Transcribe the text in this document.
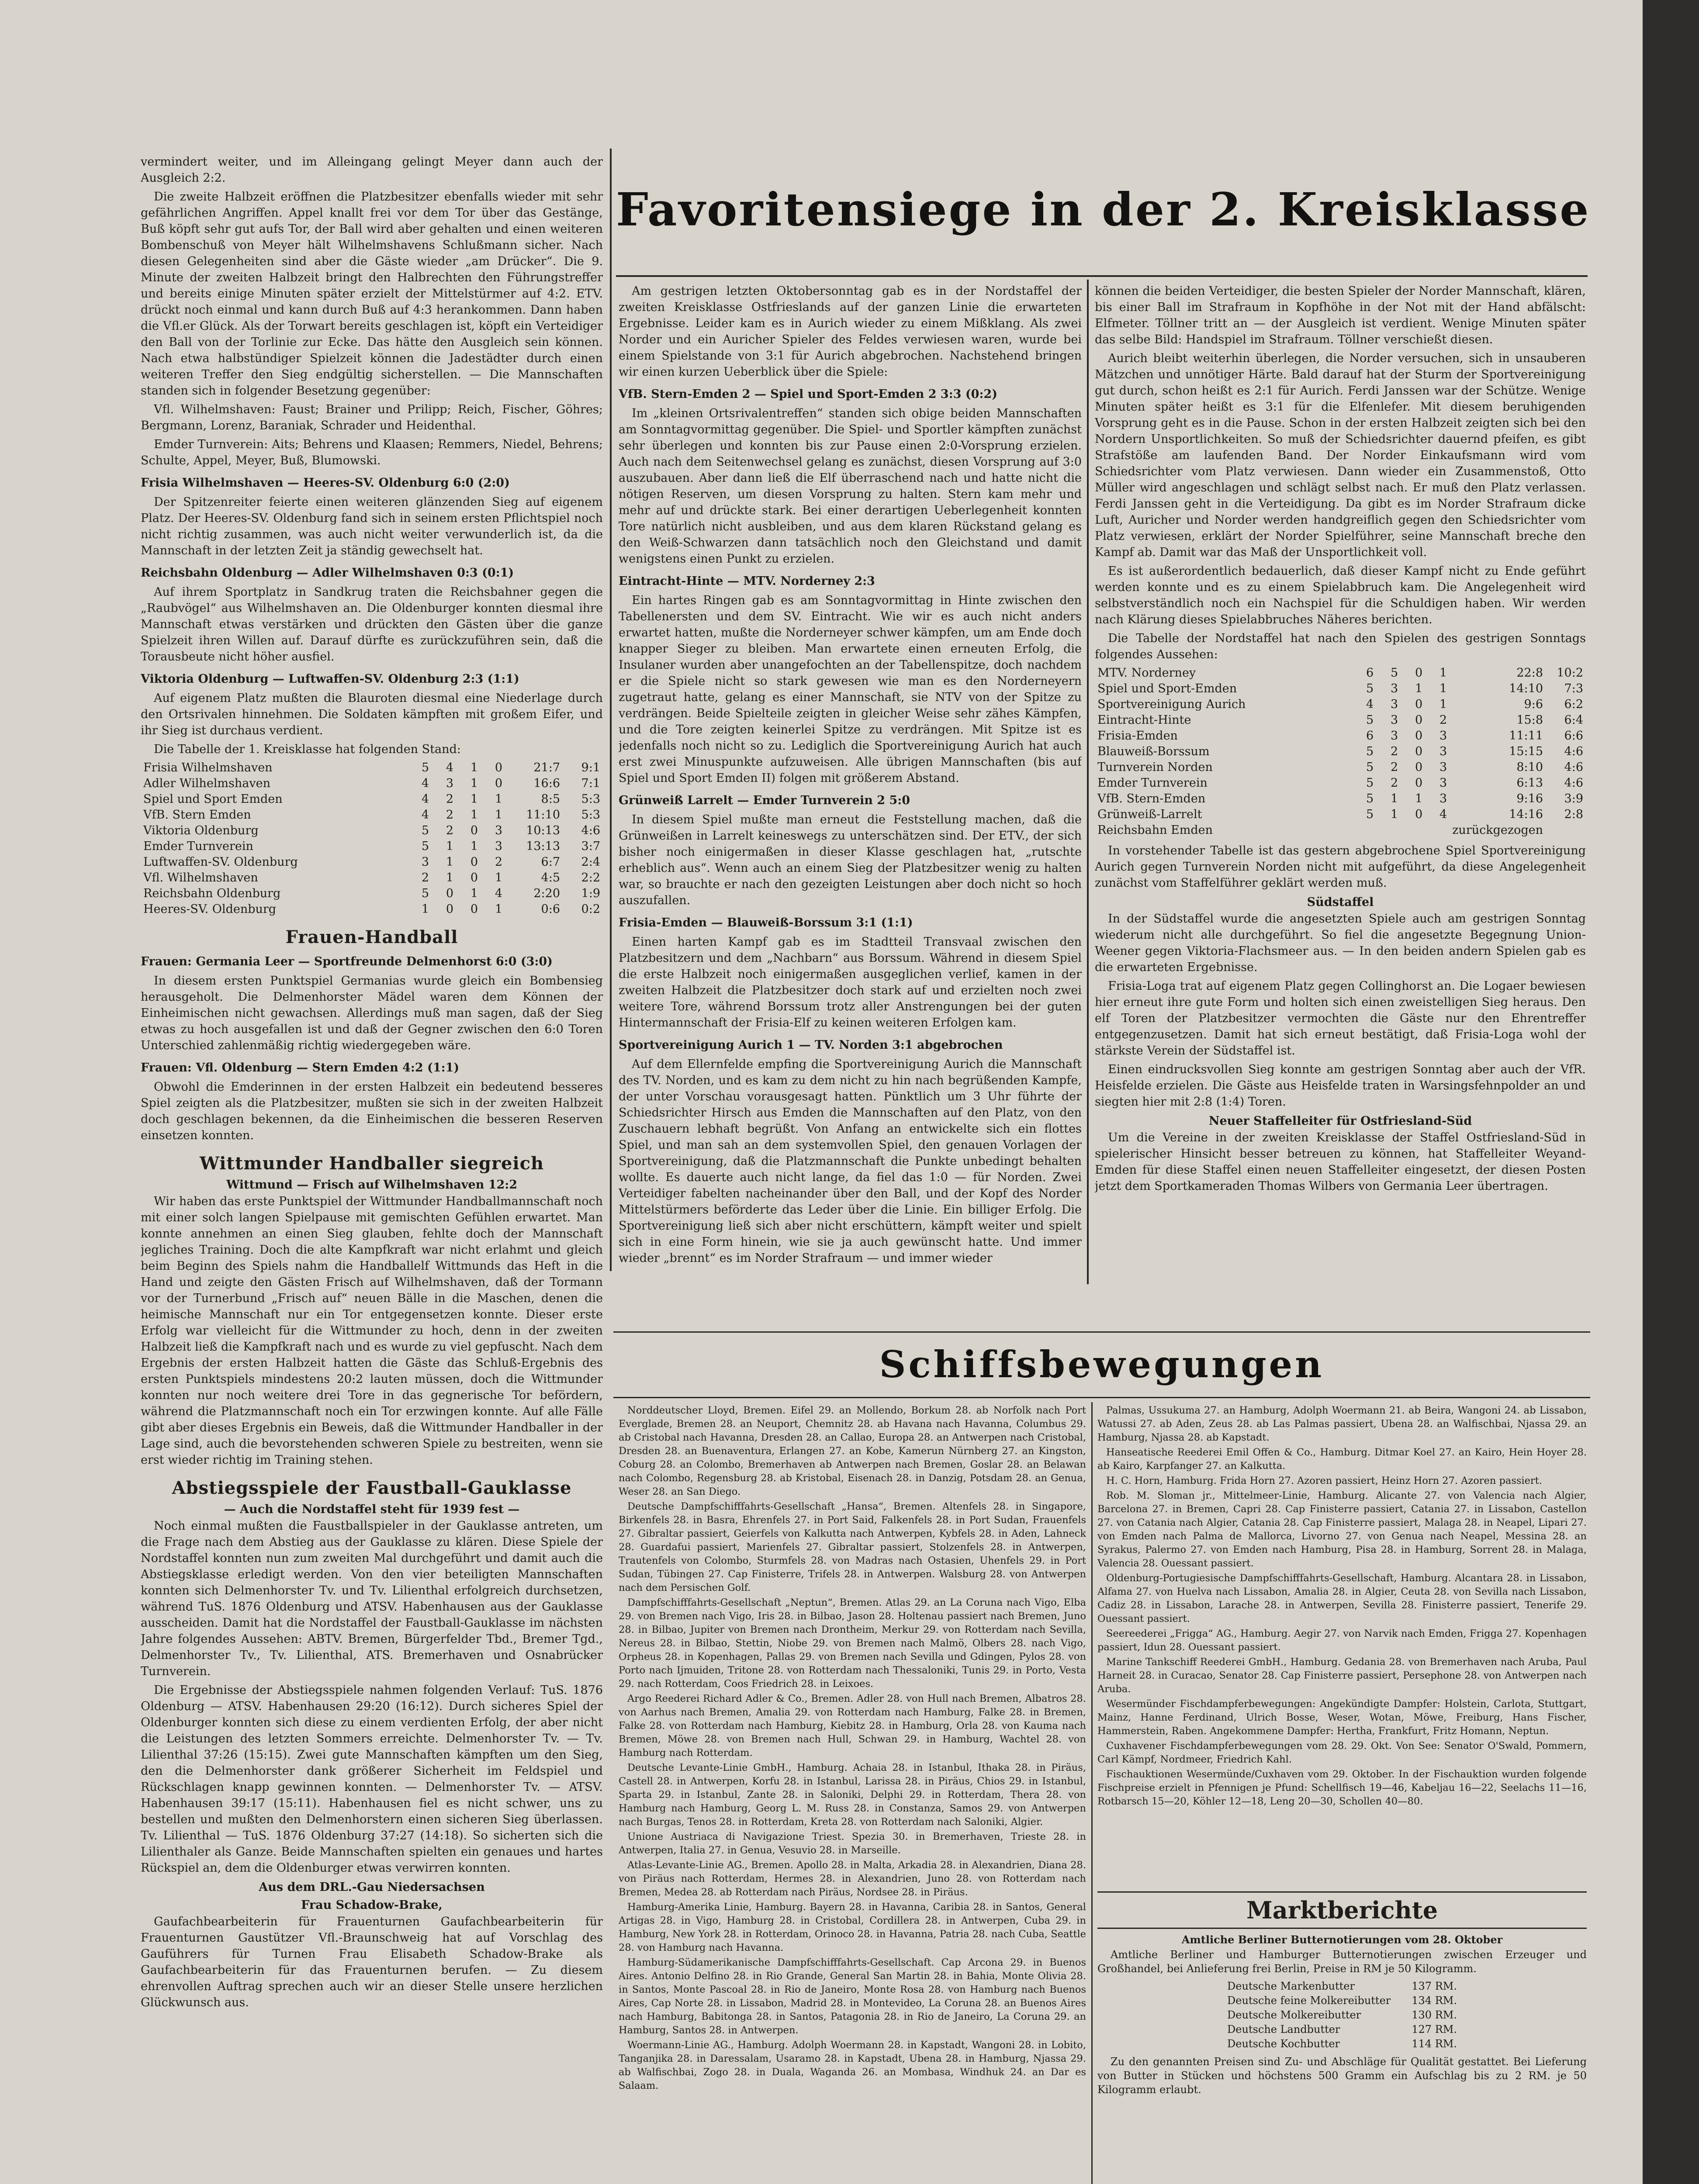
vermindert weiter, und im Alleingang gelingt Meyer dann auch der Ausgleich 2:2.

Die zweite Halbzeit eröffnen die Platzbesitzer ebenfalls wieder mit sehr gefährlichen Angriffen. Appel knallt frei vor dem Tor über das Gestänge, Buß köpft sehr gut aufs Tor, der Ball wird aber gehalten und einen weiteren Bombenschuß von Meyer hält Wilhelmshavens Schlußmann sicher. Nach diesen Gelegenheiten sind aber die Gäste wieder „am Drücker“. Die 9. Minute der zweiten Halbzeit bringt den Halbrechten den Führungstreffer und bereits einige Minuten später erzielt der Mittelstürmer auf 4:2. ETV. drückt noch einmal und kann durch Buß auf 4:3 herankommen. Dann haben die Vfl.er Glück. Als der Torwart bereits geschlagen ist, köpft ein Verteidiger den Ball von der Torlinie zur Ecke. Das hätte den Ausgleich sein können. Nach etwa halbstündiger Spielzeit können die Jadestädter durch einen weiteren Treffer den Sieg endgültig sicherstellen. — Die Mannschaften standen sich in folgender Besetzung gegenüber:

Vfl. Wilhelmshaven: Faust; Brainer und Prilipp; Reich, Fischer, Göhres; Bergmann, Lorenz, Baraniak, Schrader und Heidenthal.

Emder Turnverein: Aits; Behrens und Klaasen; Remmers, Niedel, Behrens; Schulte, Appel, Meyer, Buß, Blumowski.

Frisia Wilhelmshaven — Heeres-SV. Oldenburg 6:0 (2:0)

Der Spitzenreiter feierte einen weiteren glänzenden Sieg auf eigenem Platz. Der Heeres-SV. Oldenburg fand sich in seinem ersten Pflichtspiel noch nicht richtig zusammen, was auch nicht weiter verwunderlich ist, da die Mannschaft in der letzten Zeit ja ständig gewechselt hat.

Reichsbahn Oldenburg — Adler Wilhelmshaven 0:3 (0:1)

Auf ihrem Sportplatz in Sandkrug traten die Reichsbahner gegen die „Raubvögel“ aus Wilhelmshaven an. Die Oldenburger konnten diesmal ihre Mannschaft etwas verstärken und drückten den Gästen über die ganze Spielzeit ihren Willen auf. Darauf dürfte es zurückzuführen sein, daß die Torausbeute nicht höher ausfiel.

Viktoria Oldenburg — Luftwaffen-SV. Oldenburg 2:3 (1:1)

Auf eigenem Platz mußten die Blauroten diesmal eine Niederlage durch den Ortsrivalen hinnehmen. Die Soldaten kämpften mit großem Eifer, und ihr Sieg ist durchaus verdient.

Die Tabelle der 1. Kreisklasse hat folgenden Stand:

Frisia Wilhelmshaven	5	4	1	0	21:7	9:1
Adler Wilhelmshaven	4	3	1	0	16:6	7:1
Spiel und Sport Emden	4	2	1	1	8:5	5:3
VfB. Stern Emden	4	2	1	1	11:10	5:3
Viktoria Oldenburg	5	2	0	3	10:13	4:6
Emder Turnverein	5	1	1	3	13:13	3:7
Luftwaffen-SV. Oldenburg	3	1	0	2	6:7	2:4
Vfl. Wilhelmshaven	2	1	0	1	4:5	2:2
Reichsbahn Oldenburg	5	0	1	4	2:20	1:9
Heeres-SV. Oldenburg	1	0	0	1	0:6	0:2
Frauen-Handball
Frauen: Germania Leer — Sportfreunde Delmenhorst 6:0 (3:0)

In diesem ersten Punktspiel Germanias wurde gleich ein Bombensieg herausgeholt. Die Delmenhorster Mädel waren dem Können der Einheimischen nicht gewachsen. Allerdings muß man sagen, daß der Sieg etwas zu hoch ausgefallen ist und daß der Gegner zwischen den 6:0 Toren Unterschied zahlenmäßig richtig wiedergegeben wäre.

Frauen: Vfl. Oldenburg — Stern Emden 4:2 (1:1)

Obwohl die Emderinnen in der ersten Halbzeit ein bedeutend besseres Spiel zeigten als die Platzbesitzer, mußten sie sich in der zweiten Halbzeit doch geschlagen bekennen, da die Einheimischen die besseren Reserven einsetzen konnten.

Wittmunder Handballer siegreich
Wittmund — Frisch auf Wilhelmshaven 12:2

Wir haben das erste Punktspiel der Wittmunder Handballmannschaft noch mit einer solch langen Spielpause mit gemischten Gefühlen erwartet. Man konnte annehmen an einen Sieg glauben, fehlte doch der Mannschaft jegliches Training. Doch die alte Kampfkraft war nicht erlahmt und gleich beim Beginn des Spiels nahm die Handballelf Wittmunds das Heft in die Hand und zeigte den Gästen Frisch auf Wilhelmshaven, daß der Tormann vor der Turnerbund „Frisch auf“ neuen Bälle in die Maschen, denen die heimische Mannschaft nur ein Tor entgegensetzen konnte. Dieser erste Erfolg war vielleicht für die Wittmunder zu hoch, denn in der zweiten Halbzeit ließ die Kampfkraft nach und es wurde zu viel gepfuscht. Nach dem Ergebnis der ersten Halbzeit hatten die Gäste das Schluß-Ergebnis des ersten Punktspiels mindestens 20:2 lauten müssen, doch die Wittmunder konnten nur noch weitere drei Tore in das gegnerische Tor befördern, während die Platzmannschaft noch ein Tor erzwingen konnte. Auf alle Fälle gibt aber dieses Ergebnis ein Beweis, daß die Wittmunder Handballer in der Lage sind, auch die bevorstehenden schweren Spiele zu bestreiten, wenn sie erst wieder richtig im Training stehen.

Abstiegsspiele der Faustball-Gauklasse
— Auch die Nordstaffel steht für 1939 fest —

Noch einmal mußten die Faustballspieler in der Gauklasse antreten, um die Frage nach dem Abstieg aus der Gauklasse zu klären. Diese Spiele der Nordstaffel konnten nun zum zweiten Mal durchgeführt und damit auch die Abstiegsklasse erledigt werden. Von den vier beteiligten Mannschaften konnten sich Delmenhorster Tv. und Tv. Lilienthal erfolgreich durchsetzen, während TuS. 1876 Oldenburg und ATSV. Habenhausen aus der Gauklasse ausscheiden. Damit hat die Nordstaffel der Faustball-Gauklasse im nächsten Jahre folgendes Aussehen: ABTV. Bremen, Bürgerfelder Tbd., Bremer Tgd., Delmenhorster Tv., Tv. Lilienthal, ATS. Bremerhaven und Osnabrücker Turnverein.

Die Ergebnisse der Abstiegsspiele nahmen folgenden Verlauf: TuS. 1876 Oldenburg — ATSV. Habenhausen 29:20 (16:12). Durch sicheres Spiel der Oldenburger konnten sich diese zu einem verdienten Erfolg, der aber nicht die Leistungen des letzten Sommers erreichte. Delmenhorster Tv. — Tv. Lilienthal 37:26 (15:15). Zwei gute Mannschaften kämpften um den Sieg, den die Delmenhorster dank größerer Sicherheit im Feldspiel und Rückschlagen knapp gewinnen konnten. — Delmenhorster Tv. — ATSV. Habenhausen 39:17 (15:11). Habenhausen fiel es nicht schwer, uns zu bestellen und mußten den Delmenhorstern einen sicheren Sieg überlassen. Tv. Lilienthal — TuS. 1876 Oldenburg 37:27 (14:18). So sicherten sich die Lilienthaler als Ganze. Beide Mannschaften spielten ein genaues und hartes Rückspiel an, dem die Oldenburger etwas verwirren konnten.

Aus dem DRL.-Gau Niedersachsen
Frau Schadow-Brake,

Gaufachbearbeiterin für Frauenturnen Gaufachbearbeiterin für Frauenturnen Gaustützer Vfl.-Braunschweig hat auf Vorschlag des Gauführers für Turnen Frau Elisabeth Schadow-Brake als Gaufachbearbeiterin für das Frauenturnen berufen. — Zu diesem ehrenvollen Auftrag sprechen auch wir an dieser Stelle unsere herzlichen Glückwunsch aus.

Favoritensiege in der 2. Kreisklasse

Am gestrigen letzten Oktobersonntag gab es in der Nordstaffel der zweiten Kreisklasse Ostfrieslands auf der ganzen Linie die erwarteten Ergebnisse. Leider kam es in Aurich wieder zu einem Mißklang. Als zwei Norder und ein Auricher Spieler des Feldes verwiesen waren, wurde bei einem Spielstande von 3:1 für Aurich abgebrochen. Nachstehend bringen wir einen kurzen Ueberblick über die Spiele:

VfB. Stern-Emden 2 — Spiel und Sport-Emden 2 3:3 (0:2)

Im „kleinen Ortsrivalentreffen“ standen sich obige beiden Mannschaften am Sonntagvormittag gegenüber. Die Spiel- und Sportler kämpften zunächst sehr überlegen und konnten bis zur Pause einen 2:0-Vorsprung erzielen. Auch nach dem Seitenwechsel gelang es zunächst, diesen Vorsprung auf 3:0 auszubauen. Aber dann ließ die Elf überraschend nach und hatte nicht die nötigen Reserven, um diesen Vorsprung zu halten. Stern kam mehr und mehr auf und drückte stark. Bei einer derartigen Ueberlegenheit konnten Tore natürlich nicht ausbleiben, und aus dem klaren Rückstand gelang es den Weiß-Schwarzen dann tatsächlich noch den Gleichstand und damit wenigstens einen Punkt zu erzielen.

Eintracht-Hinte — MTV. Norderney 2:3

Ein hartes Ringen gab es am Sonntagvormittag in Hinte zwischen den Tabellenersten und dem SV. Eintracht. Wie wir es auch nicht anders erwartet hatten, mußte die Norderneyer schwer kämpfen, um am Ende doch knapper Sieger zu bleiben. Man erwartete einen erneuten Erfolg, die Insulaner wurden aber unangefochten an der Tabellenspitze, doch nachdem er die Spiele nicht so stark gewesen wie man es den Norderneyern zugetraut hatte, gelang es einer Mannschaft, sie NTV von der Spitze zu verdrängen. Beide Spielteile zeigten in gleicher Weise sehr zähes Kämpfen, und die Tore zeigten keinerlei Spitze zu verdrängen. Mit Spitze ist es jedenfalls noch nicht so zu. Lediglich die Sportvereinigung Aurich hat auch erst zwei Minuspunkte aufzuweisen. Alle übrigen Mannschaften (bis auf Spiel und Sport Emden II) folgen mit größerem Abstand.

Grünweiß Larrelt — Emder Turnverein 2 5:0

In diesem Spiel mußte man erneut die Feststellung machen, daß die Grünweißen in Larrelt keineswegs zu unterschätzen sind. Der ETV., der sich bisher noch einigermaßen in dieser Klasse geschlagen hat, „rutschte erheblich aus“. Wenn auch an einem Sieg der Platzbesitzer wenig zu halten war, so brauchte er nach den gezeigten Leistungen aber doch nicht so hoch auszufallen.

Frisia-Emden — Blauweiß-Borssum 3:1 (1:1)

Einen harten Kampf gab es im Stadtteil Transvaal zwischen den Platzbesitzern und dem „Nachbarn“ aus Borssum. Während in diesem Spiel die erste Halbzeit noch einigermaßen ausgeglichen verlief, kamen in der zweiten Halbzeit die Platzbesitzer doch stark auf und erzielten noch zwei weitere Tore, während Borssum trotz aller Anstrengungen bei der guten Hintermannschaft der Frisia-Elf zu keinen weiteren Erfolgen kam.

Sportvereinigung Aurich 1 — TV. Norden 3:1 abgebrochen

Auf dem Ellernfelde empfing die Sportvereinigung Aurich die Mannschaft des TV. Norden, und es kam zu dem nicht zu hin nach begrüßenden Kampfe, der unter Vorschau vorausgesagt hatten. Pünktlich um 3 Uhr führte der Schiedsrichter Hirsch aus Emden die Mannschaften auf den Platz, von den Zuschauern lebhaft begrüßt. Von Anfang an entwickelte sich ein flottes Spiel, und man sah an dem systemvollen Spiel, den genauen Vorlagen der Sportvereinigung, daß die Platzmannschaft die Punkte unbedingt behalten wollte. Es dauerte auch nicht lange, da fiel das 1:0 — für Norden. Zwei Verteidiger fabelten nacheinander über den Ball, und der Kopf des Norder Mittelstürmers beförderte das Leder über die Linie. Ein billiger Erfolg. Die Sportvereinigung ließ sich aber nicht erschüttern, kämpft weiter und spielt sich in eine Form hinein, wie sie ja auch gewünscht hatte. Und immer wieder „brennt“ es im Norder Strafraum — und immer wieder

können die beiden Verteidiger, die besten Spieler der Norder Mannschaft, klären, bis einer Ball im Strafraum in Kopfhöhe in der Not mit der Hand abfälscht: Elfmeter. Töllner tritt an — der Ausgleich ist verdient. Wenige Minuten später das selbe Bild: Handspiel im Strafraum. Töllner verschießt diesen.

Aurich bleibt weiterhin überlegen, die Norder versuchen, sich in unsauberen Mätzchen und unnötiger Härte. Bald darauf hat der Sturm der Sportvereinigung gut durch, schon heißt es 2:1 für Aurich. Ferdi Janssen war der Schütze. Wenige Minuten später heißt es 3:1 für die Elfenlefer. Mit diesem beruhigenden Vorsprung geht es in die Pause. Schon in der ersten Halbzeit zeigten sich bei den Nordern Unsportlichkeiten. So muß der Schiedsrichter dauernd pfeifen, es gibt Strafstöße am laufenden Band. Der Norder Einkaufsmann wird vom Schiedsrichter vom Platz verwiesen. Dann wieder ein Zusammenstoß, Otto Müller wird angeschlagen und schlägt selbst nach. Er muß den Platz verlassen. Ferdi Janssen geht in die Verteidigung. Da gibt es im Norder Strafraum dicke Luft, Auricher und Norder werden handgreiflich gegen den Schiedsrichter vom Platz verwiesen, erklärt der Norder Spielführer, seine Mannschaft breche den Kampf ab. Damit war das Maß der Unsportlichkeit voll.

Es ist außerordentlich bedauerlich, daß dieser Kampf nicht zu Ende geführt werden konnte und es zu einem Spielabbruch kam. Die Angelegenheit wird selbstverständlich noch ein Nachspiel für die Schuldigen haben. Wir werden nach Klärung dieses Spielabbruches Näheres berichten.

Die Tabelle der Nordstaffel hat nach den Spielen des gestrigen Sonntags folgendes Aussehen:

MTV. Norderney	6	5	0	1	22:8	10:2
Spiel und Sport-Emden	5	3	1	1	14:10	7:3
Sportvereinigung Aurich	4	3	0	1	9:6	6:2
Eintracht-Hinte	5	3	0	2	15:8	6:4
Frisia-Emden	6	3	0	3	11:11	6:6
Blauweiß-Borssum	5	2	0	3	15:15	4:6
Turnverein Norden	5	2	0	3	8:10	4:6
Emder Turnverein	5	2	0	3	6:13	4:6
VfB. Stern-Emden	5	1	1	3	9:16	3:9
Grünweiß-Larrelt	5	1	0	4	14:16	2:8
Reichsbahn Emden					zurückgezogen	

In vorstehender Tabelle ist das gestern abgebrochene Spiel Sportvereinigung Aurich gegen Turnverein Norden nicht mit aufgeführt, da diese Angelegenheit zunächst vom Staffelführer geklärt werden muß.

Südstaffel

In der Südstaffel wurde die angesetzten Spiele auch am gestrigen Sonntag wiederum nicht alle durchgeführt. So fiel die angesetzte Begegnung Union-Weener gegen Viktoria-Flachsmeer aus. — In den beiden andern Spielen gab es die erwarteten Ergebnisse.

Frisia-Loga trat auf eigenem Platz gegen Collinghorst an. Die Logaer bewiesen hier erneut ihre gute Form und holten sich einen zweistelligen Sieg heraus. Den elf Toren der Platzbesitzer vermochten die Gäste nur den Ehrentreffer entgegenzusetzen. Damit hat sich erneut bestätigt, daß Frisia-Loga wohl der stärkste Verein der Südstaffel ist.

Einen eindrucksvollen Sieg konnte am gestrigen Sonntag aber auch der VfR. Heisfelde erzielen. Die Gäste aus Heisfelde traten in Warsingsfehnpolder an und siegten hier mit 2:8 (1:4) Toren.

Neuer Staffelleiter für Ostfriesland-Süd

Um die Vereine in der zweiten Kreisklasse der Staffel Ostfriesland-Süd in spielerischer Hinsicht besser betreuen zu können, hat Staffelleiter Weyand-Emden für diese Staffel einen neuen Staffelleiter eingesetzt, der diesen Posten jetzt dem Sportkameraden Thomas Wilbers von Germania Leer übertragen.

Schiffsbewegungen

Norddeutscher Lloyd, Bremen. Eifel 29. an Mollendo, Borkum 28. ab Norfolk nach Port Everglade, Bremen 28. an Neuport, Chemnitz 28. ab Havana nach Havanna, Columbus 29. ab Cristobal nach Havanna, Dresden 28. an Callao, Europa 28. an Antwerpen nach Cristobal, Dresden 28. an Buenaventura, Erlangen 27. an Kobe, Kamerun Nürnberg 27. an Kingston, Coburg 28. an Colombo, Bremerhaven ab Antwerpen nach Bremen, Goslar 28. an Belawan nach Colombo, Regensburg 28. ab Kristobal, Eisenach 28. in Danzig, Potsdam 28. an Genua, Weser 28. an San Diego.

Deutsche Dampfschifffahrts-Gesellschaft „Hansa“, Bremen. Altenfels 28. in Singapore, Birkenfels 28. in Basra, Ehrenfels 27. in Port Said, Falkenfels 28. in Port Sudan, Frauenfels 27. Gibraltar passiert, Geierfels von Kalkutta nach Antwerpen, Kybfels 28. in Aden, Lahneck 28. Guardafui passiert, Marienfels 27. Gibraltar passiert, Stolzenfels 28. in Antwerpen, Trautenfels von Colombo, Sturmfels 28. von Madras nach Ostasien, Uhenfels 29. in Port Sudan, Tübingen 27. Cap Finisterre, Trifels 28. in Antwerpen. Walsburg 28. von Antwerpen nach dem Persischen Golf.

Dampfschifffahrts-Gesellschaft „Neptun“, Bremen. Atlas 29. an La Coruna nach Vigo, Elba 29. von Bremen nach Vigo, Iris 28. in Bilbao, Jason 28. Holtenau passiert nach Bremen, Juno 28. in Bilbao, Jupiter von Bremen nach Drontheim, Merkur 29. von Rotterdam nach Sevilla, Nereus 28. in Bilbao, Stettin, Niobe 29. von Bremen nach Malmö, Olbers 28. nach Vigo, Orpheus 28. in Kopenhagen, Pallas 29. von Bremen nach Sevilla und Gdingen, Pylos 28. von Porto nach Ijmuiden, Tritone 28. von Rotterdam nach Thessaloniki, Tunis 29. in Porto, Vesta 29. nach Rotterdam, Coos Friedrich 28. in Leixoes.

Argo Reederei Richard Adler & Co., Bremen. Adler 28. von Hull nach Bremen, Albatros 28. von Aarhus nach Bremen, Amalia 29. von Rotterdam nach Hamburg, Falke 28. in Bremen, Falke 28. von Rotterdam nach Hamburg, Kiebitz 28. in Hamburg, Orla 28. von Kauma nach Bremen, Möwe 28. von Bremen nach Hull, Schwan 29. in Hamburg, Wachtel 28. von Hamburg nach Rotterdam.

Deutsche Levante-Linie GmbH., Hamburg. Achaia 28. in Istanbul, Ithaka 28. in Piräus, Castell 28. in Antwerpen, Korfu 28. in Istanbul, Larissa 28. in Piräus, Chios 29. in Istanbul, Sparta 29. in Istanbul, Zante 28. in Saloniki, Delphi 29. in Rotterdam, Thera 28. von Hamburg nach Hamburg, Georg L. M. Russ 28. in Constanza, Samos 29. von Antwerpen nach Burgas, Tenos 28. in Rotterdam, Kreta 28. von Rotterdam nach Saloniki, Algier.

Unione Austriaca di Navigazione Triest. Spezia 30. in Bremerhaven, Trieste 28. in Antwerpen, Italia 27. in Genua, Vesuvio 28. in Marseille.

Atlas-Levante-Linie AG., Bremen. Apollo 28. in Malta, Arkadia 28. in Alexandrien, Diana 28. von Piräus nach Rotterdam, Hermes 28. in Alexandrien, Juno 28. von Rotterdam nach Bremen, Medea 28. ab Rotterdam nach Piräus, Nordsee 28. in Piräus.

Hamburg-Amerika Linie, Hamburg. Bayern 28. in Havanna, Caribia 28. in Santos, General Artigas 28. in Vigo, Hamburg 28. in Cristobal, Cordillera 28. in Antwerpen, Cuba 29. in Hamburg, New York 28. in Rotterdam, Orinoco 28. in Havanna, Patria 28. nach Cuba, Seattle 28. von Hamburg nach Havanna.

Hamburg-Südamerikanische Dampfschifffahrts-Gesellschaft. Cap Arcona 29. in Buenos Aires. Antonio Delfino 28. in Rio Grande, General San Martin 28. in Bahia, Monte Olivia 28. in Santos, Monte Pascoal 28. in Rio de Janeiro, Monte Rosa 28. von Hamburg nach Buenos Aires, Cap Norte 28. in Lissabon, Madrid 28. in Montevideo, La Coruna 28. an Buenos Aires nach Hamburg, Babitonga 28. in Santos, Patagonia 28. in Rio de Janeiro, La Coruna 29. an Hamburg, Santos 28. in Antwerpen.

Woermann-Linie AG., Hamburg. Adolph Woermann 28. in Kapstadt, Wangoni 28. in Lobito, Tanganjika 28. in Daressalam, Usaramo 28. in Kapstadt, Ubena 28. in Hamburg, Njassa 29. ab Walfischbai, Zogo 28. in Duala, Waganda 26. an Mombasa, Windhuk 24. an Dar es Salaam.

Palmas, Ussukuma 27. an Hamburg, Adolph Woermann 21. ab Beira, Wangoni 24. ab Lissabon, Watussi 27. ab Aden, Zeus 28. ab Las Palmas passiert, Ubena 28. an Walfischbai, Njassa 29. an Hamburg, Njassa 28. ab Kapstadt.

Hanseatische Reederei Emil Offen & Co., Hamburg. Ditmar Koel 27. an Kairo, Hein Hoyer 28. ab Kairo, Karpfanger 27. an Kalkutta.

H. C. Horn, Hamburg. Frida Horn 27. Azoren passiert, Heinz Horn 27. Azoren passiert.

Rob. M. Sloman jr., Mittelmeer-Linie, Hamburg. Alicante 27. von Valencia nach Algier, Barcelona 27. in Bremen, Capri 28. Cap Finisterre passiert, Catania 27. in Lissabon, Castellon 27. von Catania nach Algier, Catania 28. Cap Finisterre passiert, Malaga 28. in Neapel, Lipari 27. von Emden nach Palma de Mallorca, Livorno 27. von Genua nach Neapel, Messina 28. an Syrakus, Palermo 27. von Emden nach Hamburg, Pisa 28. in Hamburg, Sorrent 28. in Malaga, Valencia 28. Ouessant passiert.

Oldenburg-Portugiesische Dampfschifffahrts-Gesellschaft, Hamburg. Alcantara 28. in Lissabon, Alfama 27. von Huelva nach Lissabon, Amalia 28. in Algier, Ceuta 28. von Sevilla nach Lissabon, Cadiz 28. in Lissabon, Larache 28. in Antwerpen, Sevilla 28. Finisterre passiert, Tenerife 29. Ouessant passiert.

Seereederei „Frigga“ AG., Hamburg. Aegir 27. von Narvik nach Emden, Frigga 27. Kopenhagen passiert, Idun 28. Ouessant passiert.

Marine Tankschiff Reederei GmbH., Hamburg. Gedania 28. von Bremerhaven nach Aruba, Paul Harneit 28. in Curacao, Senator 28. Cap Finisterre passiert, Persephone 28. von Antwerpen nach Aruba.

Wesermünder Fischdampferbewegungen: Angekündigte Dampfer: Holstein, Carlota, Stuttgart, Mainz, Hanne Ferdinand, Ulrich Bosse, Weser, Wotan, Möwe, Freiburg, Hans Fischer, Hammerstein, Raben. Angekommene Dampfer: Hertha, Frankfurt, Fritz Homann, Neptun.

Cuxhavener Fischdampferbewegungen vom 28. 29. Okt. Von See: Senator O'Swald, Pommern, Carl Kämpf, Nordmeer, Friedrich Kahl.

Fischauktionen Wesermünde/Cuxhaven vom 29. Oktober. In der Fischauktion wurden folgende Fischpreise erzielt in Pfennigen je Pfund: Schellfisch 19—46, Kabeljau 16—22, Seelachs 11—16, Rotbarsch 15—20, Köhler 12—18, Leng 20—30, Schollen 40—80.

Marktberichte
Amtliche Berliner Butternotierungen vom 28. Oktober

Amtliche Berliner und Hamburger Butternotierungen zwischen Erzeuger und Großhandel, bei Anlieferung frei Berlin, Preise in RM je 50 Kilogramm.

Deutsche Markenbutter	137 RM.
Deutsche feine Molkereibutter	134 RM.
Deutsche Molkereibutter	130 RM.
Deutsche Landbutter	127 RM.
Deutsche Kochbutter	114 RM.

Zu den genannten Preisen sind Zu- und Abschläge für Qualität gestattet. Bei Lieferung von Butter in Stücken und höchstens 500 Gramm ein Aufschlag bis zu 2 RM. je 50 Kilogramm erlaubt.
